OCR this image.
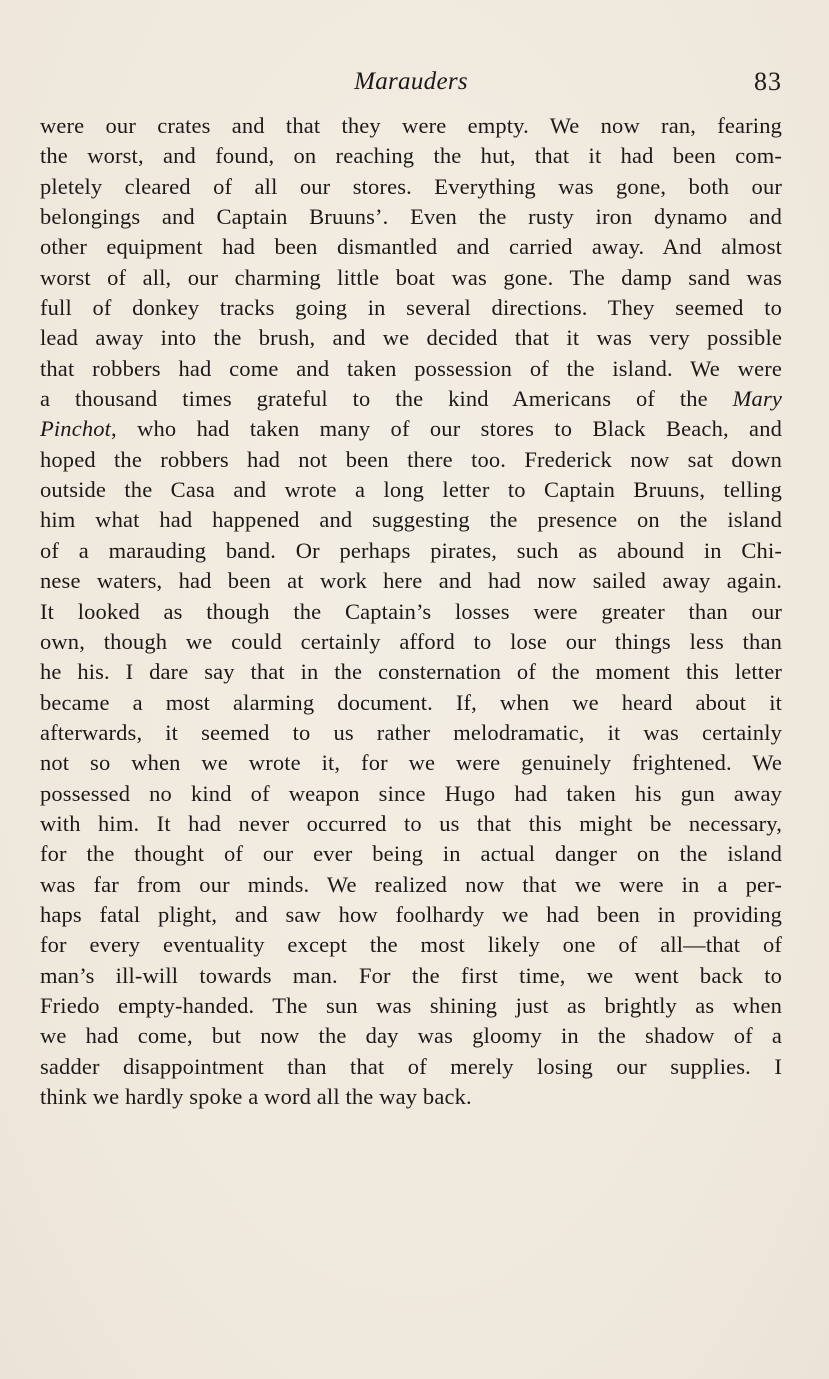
Marauders	83
were our crates and that they were empty. We now ran, fearing
the worst, and found, on reaching the hut, that it had been com-
pletely cleared of all our stores. Everything was gone, both our
belongings and Captain Bruuns’. Even the rusty iron dynamo and
other equipment had been dismantled and carried away. And almost
worst of all, our charming little boat was gone. The damp sand was
full of donkey tracks going in several directions. They seemed to
lead away into the brush, and we decided that it was very possible
that robbers had come and taken possession of the island. We were
a thousand times grateful to the kind Americans of the Mary
Pinchot, who had taken many of our stores to Black Beach, and
hoped the robbers had not been there too. Frederick now sat down
outside the Casa and wrote a long letter to Captain Bruuns, telling
him what had happened and suggesting the presence on the island
of a marauding band. Or perhaps pirates, such as abound in Chi-
nese waters, had been at work here and had now sailed away again.
It looked as though the Captain’s losses were greater than our
own, though we could certainly afford to lose our things less than
he his. I dare say that in the consternation of the moment this letter
became a most alarming document. If, when we heard about it
afterwards, it seemed to us rather melodramatic, it was certainly
not so when we wrote it, for we were genuinely frightened. We
possessed no kind of weapon since Hugo had taken his gun away
with him. It had never occurred to us that this might be necessary,
for the thought of our ever being in actual danger on the island
was far from our minds. We realized now that we were in a per-
haps fatal plight, and saw how foolhardy we had been in providing
for every eventuality except the most likely one of all—that of
man’s ill-will towards man. For the first time, we went back to
Friedo empty-handed. The sun was shining just as brightly as when
we had come, but now the day was gloomy in the shadow of a
sadder disappointment than that of merely losing our supplies. I
think we hardly spoke a word all the way back.
